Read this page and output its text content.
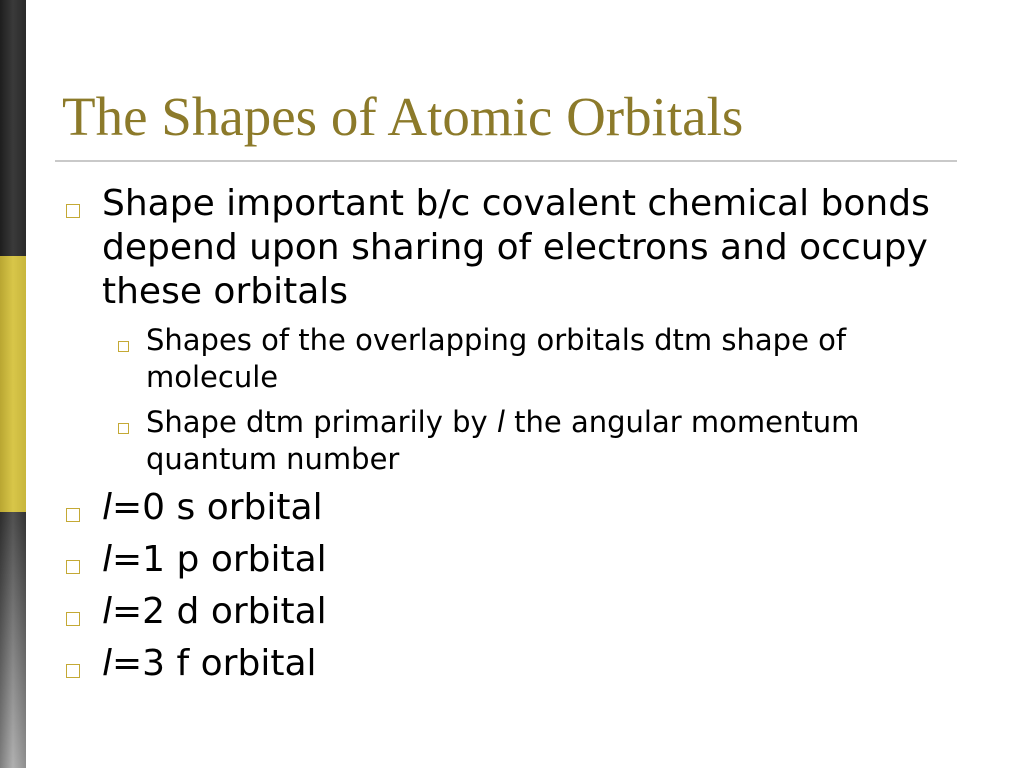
The Shapes of Atomic Orbitals
Shape important b/c covalent chemical bonds depend upon sharing of electrons and occupy these orbitals
Shapes of the overlapping orbitals dtm shape of molecule
Shape dtm primarily by l the angular momentum quantum number
l=0 s orbital
l=1 p orbital
l=2 d orbital
l=3 f orbital
